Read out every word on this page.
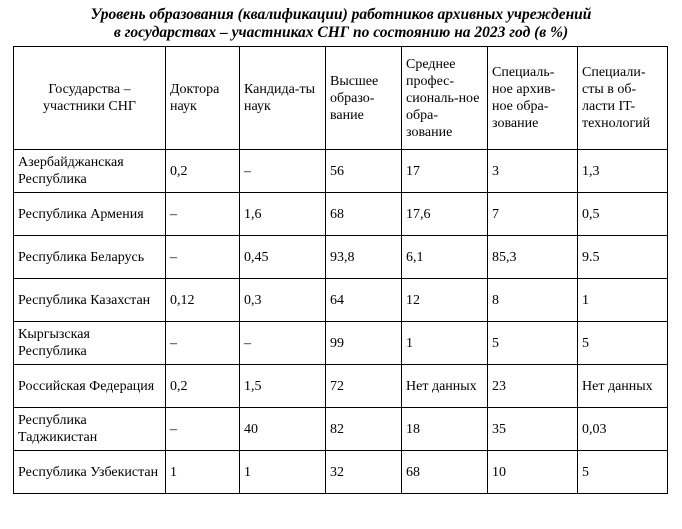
Уровень образования (квалификации) работников архивных учреждений
в государствах – участниках СНГ по состоянию на 2023 год (в %)
Государства – участники СНГ	Доктора наук	Кандида-ты наук	Высшее образо-вание	Среднее профес-сиональ-ное обра-зование	Специаль-ное архив-ное обра-зование	Специали-сты в об-ласти IT-технологий
Азербайджанская Республика	0,2	–	56	17	3	1,3
Республика Армения	–	1,6	68	17,6	7	0,5
Республика Беларусь	–	0,45	93,8	6,1	85,3	9.5
Республика Казахстан	0,12	0,3	64	12	8	1
Кыргызская Республика	–	–	99	1	5	5
Российская Федерация	0,2	1,5	72	Нет данных	23	Нет данных
Республика Таджикистан	–	40	82	18	35	0,03
Республика Узбекистан	1	1	32	68	10	5
